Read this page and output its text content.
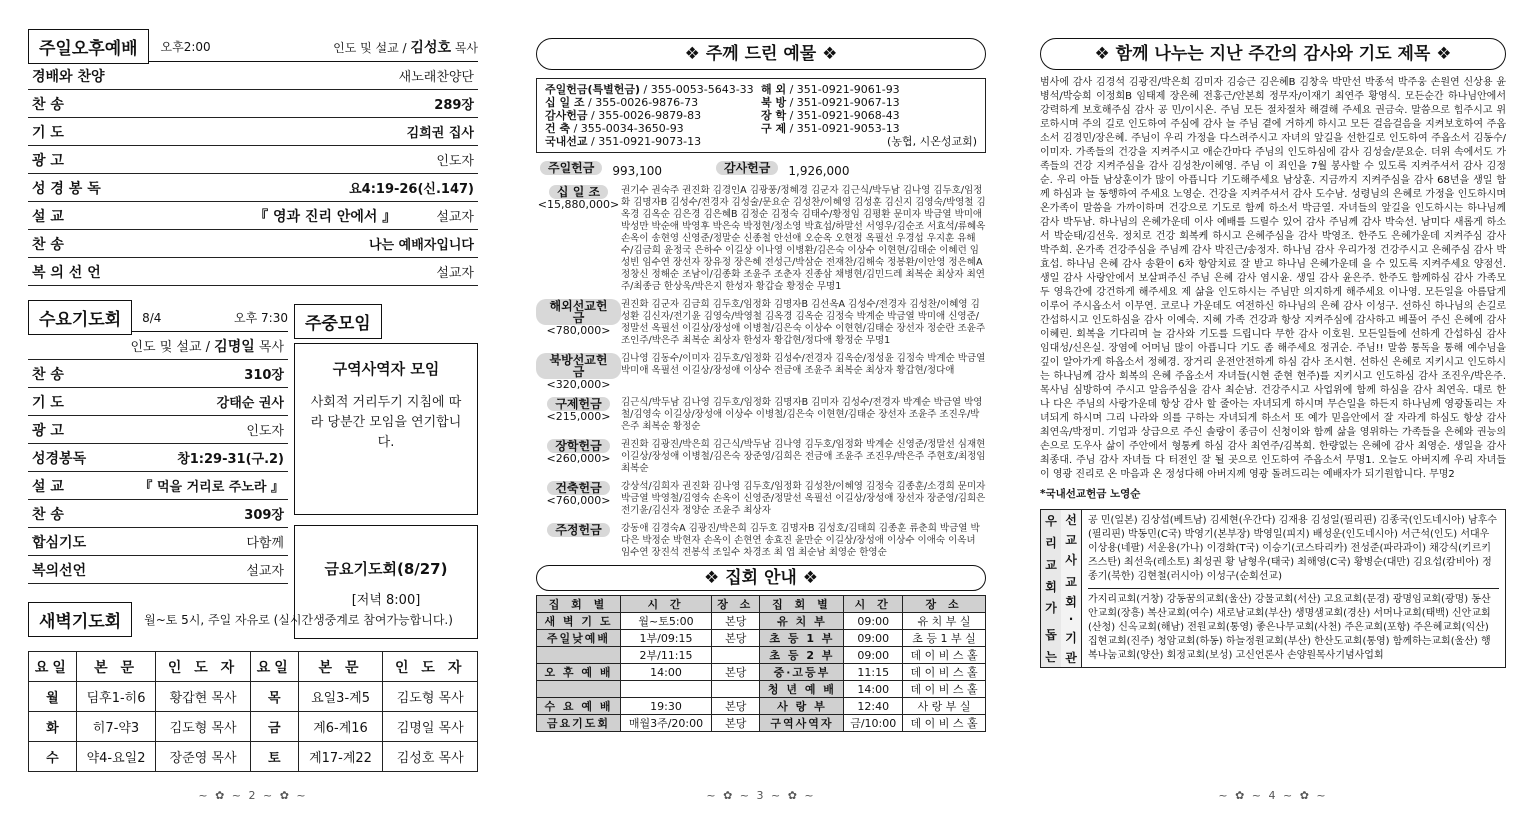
주일오후예배	오후2:00	인도 및 설교 / 김성호 목사
경배와 찬양	새노래찬양단
찬 송	289장
기 도	김희권 집사
광 고	인도자
성 경 봉 독	요4:19-26(신.147)
설 교	『 영과 진리 안에서 』	설교자
찬 송	나는 예배자입니다
복 의 선 언	설교자
수요기도회	8/4	오후 7:30
인도 및 설교 / 김명일 목사
찬 송	310장
기 도	강태순 권사
광 고	인도자
성경봉독	창1:29-31(구.2)
설 교	『 먹을 거리로 주노라 』
찬 송	309장
합심기도	다함께
복의선언	설교자
주중모임
구역사역자 모임
사회적 거리두기 지침에 따라 당분간 모임을 연기합니다.
금요기도회(8/27)
[저녁 8:00]
새벽기도회	월~토 5시, 주일 자유로 (실시간생중계로 참여가능합니다.)
요일	본 문	인 도 자	요일	본 문	인 도 자
월	딤후1-히6	황갑현 목사	목	요일3-계5	김도형 목사
화	히7-약3	김도형 목사	금	계6-계16	김명일 목사
수	약4-요일2	장준영 목사	토	계17-계22	김성호 목사
~ ✿ ~ 2 ~ ✿ ~
❖ 주께 드린 예물 ❖
주일헌금(특별헌금) / 355-0053-5643-33 해 외 / 351-0921-9061-93
십 일 조 / 355-0026-9876-73	북 방 / 351-0921-9067-13
감사헌금 / 355-0026-9879-83	장 학 / 351-0921-9068-43
건 축 / 355-0034-3650-93	구 제 / 351-0921-9053-13
국내선교 / 351-0921-9073-13	(농협, 시온성교회)
주일헌금	993,100	감사헌금	1,926,000
십 일 조
<15,880,000>
권기수 권숙주 권진화 김경인A 김광풍/정혜경 김군자 김근식/박두남 김나영 김두호/임정화 김명자B 김성수/전경자 김성술/문요순 김성찬/이혜영 김성훈 김신지 김영숙/박영철 김옥경 김옥순 김은경 김은혜B 김정순 김정숙 김태수/황정임 김평환 문미자 박금열 박미애 박성만 박순애 박영후 박은숙 박정현/정소영 박효섭/하말선 서영우/김순조 서효석/류혜옥 손옥이 송현영 신영준/정말순 신종철 안선애 오순옥 오현정 옥필선 우경섭 우지훈 유해수/김금희 윤정국 은하수 이길상 이나영 이병환/김은숙 이상수 이현현/김태순 이혜런 임성빈 임수연 장선자 장유정 장은혜 전성근/박삼순 전재찬/김해숙 정봉환/이안영 정은혜A 정창신 정해순 조남이/김종화 조윤주 조춘자 진종삼 채병현/김민드레 최복순 최상자 최연주/최종금 한상욱/박은지 한성자 황갑슬 황정순 무명1
해외선교헌금
<780,000>
권진화 김군자 김금희 김두호/임정화 김명자B 김선옥A 김성수/전경자 김성찬/이혜영 김성환 김신자/전기윤 김영숙/박영철 김옥경 김옥순 김정숙 박계순 박금열 박미애 신영준/정말선 옥필선 이길상/장성애 이병철/김은숙 이상수 이현현/김태순 장선자 정순란 조윤주 조인주/박은주 최복순 최상자 한성자 황갑현/정다애 황정순 무명1
북방선교헌금
<320,000>
김나영 김동수/이미자 김두호/임정화 김성수/전경자 김옥순/정성윤 김정숙 박계순 박금열 박미애 옥필선 이길상/장성애 이상수 전금애 조윤주 최복순 최상자 황갑현/정다애
구제헌금
<215,000>
김근식/박두남 김나영 김두호/임정화 김명자B 김미자 김성수/전경자 박계순 박금열 박영철/김영숙 이길상/장성애 이상수 이병철/김은숙 이현현/김태순 장선자 조윤주 조진우/박은주 최복순 황정순
장학헌금
<260,000>
권진화 김광진/박은희 김근식/박두남 김나영 김두호/임정화 박계순 신영준/정말선 심재현 이길상/장성애 이병철/김은숙 장준영/김희은 전금애 조윤주 조진우/박은주 주현호/최정임 최복순
건축헌금
<760,000>
강상석/김희자 권진화 김나영 김두호/임정화 김성찬/이혜영 김정숙 김종훈/소경희 문미자 박금열 박영철/김영숙 손옥이 신영준/정말선 옥필선 이길상/장성애 장선자 장준영/김희은 전기윤/김신자 정양순 조윤주 최상자
주정헌금	강동애 김경숙A 김광진/박은희 김두호 김명자B 김성호/김태희 김종훈 류춘희 박금열 박다은 박정순 박현자 손옥이 손현연 송효진 윤만순 이길상/장성애 이상수 이애숙 이옥녀 임수연 장진석 전봉석 조일수 차경조 최 엽 최순남 최영순 한영순
❖ 집회 안내 ❖
집 회 별	시 간	장 소	집 회 별	시 간	장 소
새 벽 기 도	월~토5:00	본당	유 치 부	09:00	유 치 부 실
주일낮예배	1부/09:15	본당	초 등 1 부	09:00	초 등 1 부 실
	2부/11:15		초 등 2 부	09:00	데 이 비 스 홀
오 후 예 배	14:00	본당	중·고등부	11:15	데 이 비 스 홀
			청 년 예 배	14:00	데 이 비 스 홀
수 요 예 배	19:30	본당	사 랑 부	12:40	사 랑 부 실
금요기도회	매월3주/20:00	본당	구역사역자	금/10:00	데 이 비 스 홀
~ ✿ ~ 3 ~ ✿ ~
❖ 함께 나누는 지난 주간의 감사와 기도 제목 ❖
범사에 감사 김경석 김광진/박은희 김미자 김승근 김은혜B 김창욱 박만선 박종석 박주웅 손원연 신상용 윤병석/박승희 이정희B 임태제 장은혜 전홍근/안본희 정무자/이재기 최연주 황영식. 모든순간 하나님안에서 강력하게 보호해주심 감사 공 민/이시온. 주님 모든 절차절차 해결해 주세요 권금숙. 말씀으로 힘주시고 위로하시며 주의 길로 인도하여 주심에 감사 늘 주님 곁에 거하게 하시고 모든 걸음걸음을 지켜보호하여 주옵소서 김경민/장은혜. 주님이 우리 가정을 다스려주시고 자녀의 앞길을 선한길로 인도하여 주옵소서 김동수/이미자. 가족들의 건강을 지켜주시고 애순간마다 주님의 인도하심에 감사 김성술/문요순. 더위 속에서도 가족들의 건강 지켜주심을 감사 김성찬/이혜영. 주님 이 죄인을 7월 봉사할 수 있도록 지켜주셔서 감사 김정순. 우리 아들 남상훈이가 많이 아픕니다 기도해주세요 남상훈. 지금까지 지켜주심을 감사 68년을 생일 함께 하심과 늘 동행하여 주세요 노영순. 건강을 지켜주셔서 감사 도수남. 성령님의 은혜로 가정을 인도하시며 온가족이 말씀을 가까이하며 건강으로 기도로 함께 하소서 박금열. 자녀들의 앞길을 인도하시는 하나님께 감사 박두남. 하나님의 은혜가운데 이사 예배를 드릴수 있어 감사 주님께 감사 박숙선. 남미다 새롭게 하소서 박순태/김선욱. 정치로 건강 회복케 하시고 은혜주심을 감사 박영조. 한주도 은혜가운데 지켜주심 감사 박주희. 온가족 건강주심을 주님께 감사 박진근/송정자. 하나님 감사 우리가정 건강주시고 은혜주심 감사 박효섭. 하나님 은혜 감사 송환이 6차 항암치료 잘 받고 하나님 은혜가운데 을 수 있도록 지켜주세요 양점선. 생일 감사 사랑안에서 보살펴주신 주님 은혜 감사 염시윤. 생일 감사 윤은주. 한주도 함께하심 감사 가족모두 영육간에 강건하게 해주세요 제 삶을 인도하시는 주님만 의지하게 해주세요 이나영. 모든일을 아름답게 이루어 주시옵소서 이무연. 코로나 가운데도 여전하신 하나님의 은혜 감사 이성구. 선하신 하나님의 손길로 간섭하시고 인도하심을 감사 이예숙. 지혜 가족 건강과 항상 지켜주심에 감사하고 베풀어 주신 은혜에 감사 이혜린. 회복을 기다리며 늘 감사와 기도를 드립니다 무한 감사 이호원. 모든일들에 선하게 간섭하심 감사 임대성/신은실. 장염에 어머님 많이 아픕니다 기도 좀 해주세요 정귀순. 주님!! 말씀 통독을 통해 예수님을 깊이 알아가게 하옵소서 정혜경. 장거리 운전안전하게 하심 감사 조시현. 선하신 은혜로 지키시고 인도하시는 하나님께 감사 회복의 은혜 주옵소서 자녀들(시현 준현 현주)를 지키시고 인도하심 감사 조진우/박은주. 목사님 심방하여 주시고 알음주심을 감사 최순남. 건강주시고 사업위에 함께 하심을 감사 최연옥. 대로 한 나 다은 주님의 사랑가운데 항상 감사 할 줄아는 자녀되게 하시며 무슨일을 하든지 하나님께 영광돌리는 자녀되게 하시며 그리 나라와 의를 구하는 자녀되게 하소서 또 예가 믿음안에서 잘 자라게 하심도 항상 감사 최연옥/박정미. 기업과 상급으로 주신 솔랑이 종금이 신청이와 함께 삶을 영위하는 가족들을 은혜와 권능의 손으로 도우사 삶이 주안에서 형통케 하심 감사 최연주/김복희. 한량없는 은혜에 감사 최영순. 생일을 감사 최종대. 주님 감사 자녀들 다 터전인 잘 될 곳으로 인도하여 주옵소서 무명1. 오늘도 아버지께 우리 자녀들이 영광 진리로 온 마음과 온 정성다해 아버지께 영광 돌려드리는 예배자가 되기원합니다. 무명2
*국내선교헌금 노영순
우
리
교
회
가
돕
는
선
교
사
교
회
·
기
관
공 민(일본) 김상섭(베트남) 김세현(우간다) 김재용 김성일(필리핀) 김종국(인도네시아) 남후수(필리핀) 박동민(C국) 박영기(본부장) 박영일(피지) 배성운(인도네시아) 서근석(인도) 서대우 이상용(네팔) 서운용(가나) 이경화(T국) 이승기(코스타리카) 전성준(파라과이) 채강식(키르키즈스탄) 최선욱(레소토) 최성권 황 남형우(태국) 최해영(C국) 황병순(대만) 김요섭(캄비아) 정종기(북한) 김현철(러시아) 이성구(순회선교)
가지리교회(거창) 강동꿈의교회(울산) 강물교회(서산) 고요교회(문경) 광명임교회(광명) 동산안교회(장흥) 복산교회(여수) 새로남교회(부산) 생명샘교회(경산) 서머나교회(태백) 신안교회(산청) 신옥교회(해남) 전원교회(통영) 좋은나무교회(사천) 주은교회(포항) 주은혜교회(익산) 집현교회(진주) 청암교회(하동) 하늘정원교회(부산) 한산도교회(통영) 함께하는교회(울산) 행복나눔교회(양산) 회정교회(보성) 고신언론사 손양원목사기념사업회
~ ✿ ~ 4 ~ ✿ ~
